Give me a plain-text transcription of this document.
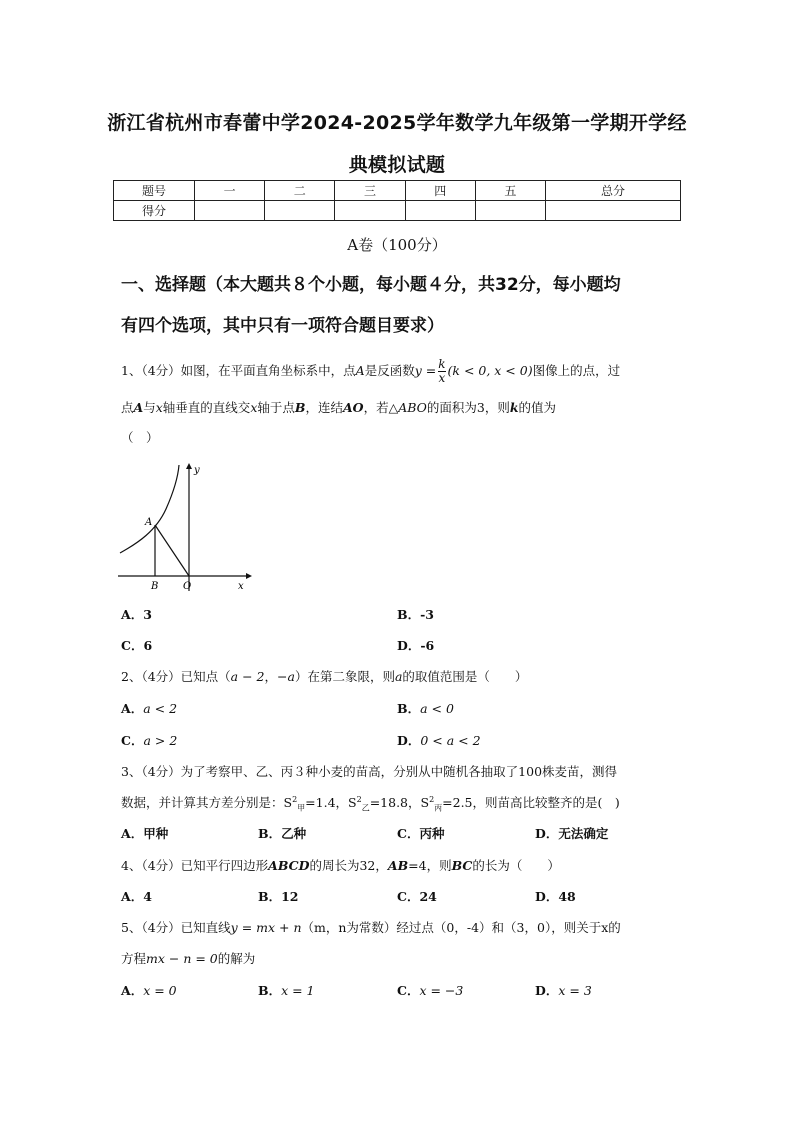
浙江省杭州市春蕾中学2024-2025学年数学九年级第一学期开学经
典模拟试题
题号	一	二	三	四	五	总分
得分						
A卷（100分）
一、选择题（本大题共８个小题，每小题４分，共32分，每小题均
有四个选项，其中只有一项符合题目要求）
1、（4分）如图，在平面直角坐标系中，点A是反函数$y = \frac{k}{x} (k < 0$, x < 0)图像上的点，过
点A与x轴垂直的直线交x轴于点B，连结AO，若△ABO的面积为3，则k的值为
（　）
O
A
B	x
y
A．3	B．-3
C．6	D．-6
2、（4分）已知点（a − 2，−a）在第二象限，则a的取值范围是（　　）
A．a < 2	B．a < 0
C．a > 2	D．0 < a < 2
3、（4分）为了考察甲、乙、丙３种小麦的苗高，分别从中随机各抽取了100株麦苗，测得
数据，并计算其方差分别是：$S^2_甲=1.4$，$S^2_乙=18.8$，$S^2_丙=2.5$，则苗高比较整齐的是(　)
A．甲种	B．乙种	C．丙种	D．无法确定
4、（4分）已知平行四边形ABCD的周长为32，AB=4，则BC的长为（　　）
A．4	B．12	C．24	D．48
5、（4分）已知直线y = mx + n（m，n为常数）经过点（0，-4）和（3，0），则关于x的
方程mx − n = 0的解为
A．x = 0	B．x = 1	C．x = −3	D．x = 3
